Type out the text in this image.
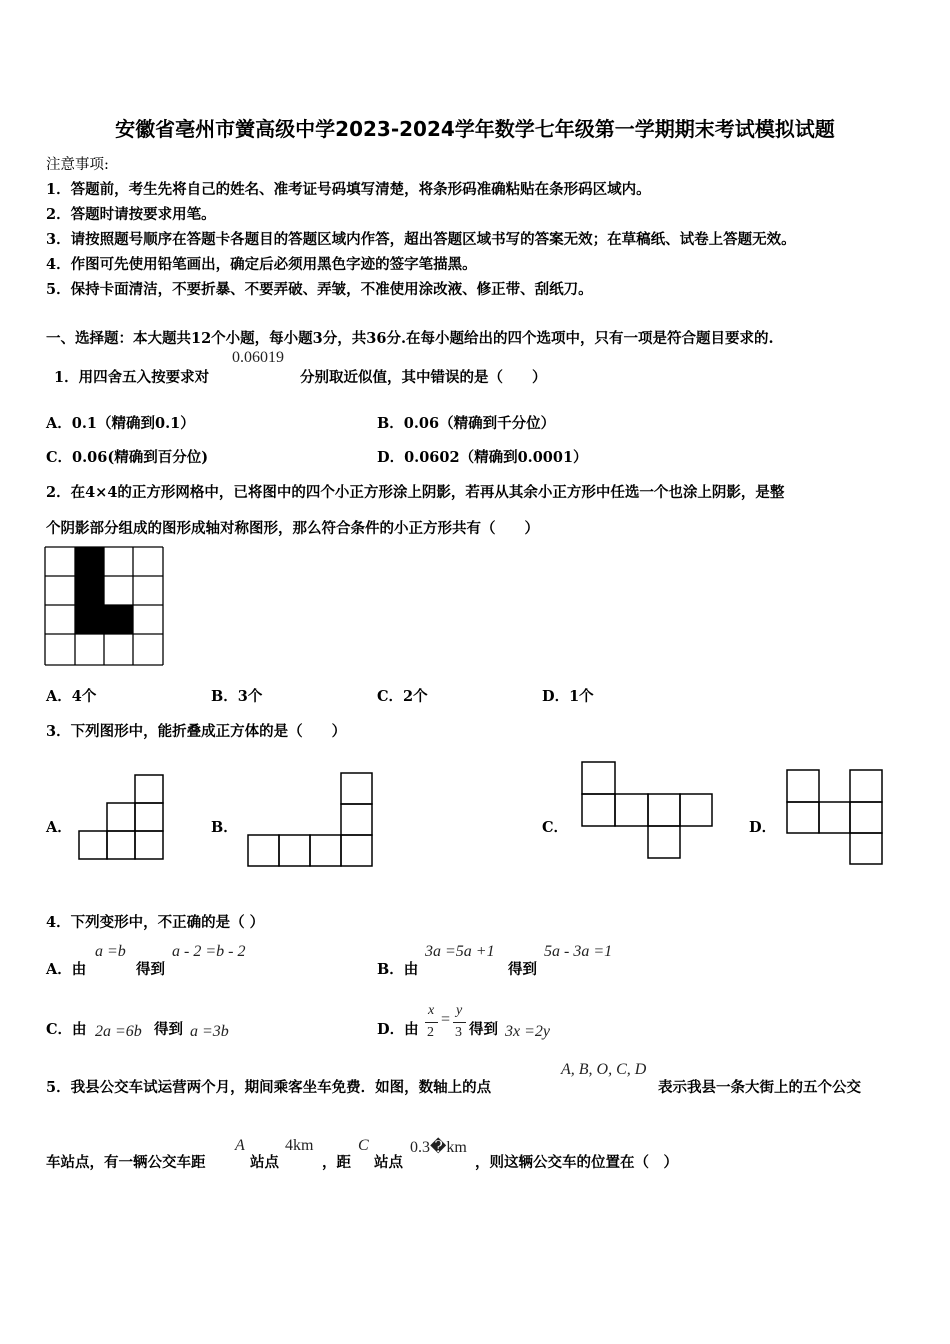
安徽省亳州市黉高级中学2023-2024学年数学七年级第一学期期末考试模拟试题
注意事项:
1．答题前，考生先将自己的姓名、准考证号码填写清楚，将条形码准确粘贴在条形码区域内。
2．答题时请按要求用笔。
3．请按照题号顺序在答题卡各题目的答题区域内作答，超出答题区域书写的答案无效；在草稿纸、试卷上答题无效。
4．作图可先使用铅笔画出，确定后必须用黑色字迹的签字笔描黑。
5．保持卡面清洁，不要折暴、不要弄破、弄皱，不准使用涂改液、修正带、刮纸刀。
一、选择题：本大题共12个小题，每小题3分，共36分.在每小题给出的四个选项中，只有一项是符合题目要求的.
1．用四舍五入按要求对
0.06019
分别取近似值，其中错误的是（　　）
A．0.1（精确到0.1）	B．0.06（精确到千分位）
C．0.06(精确到百分位)	D．0.0602（精确到0.0001）
2．在4×4的正方形网格中，已将图中的四个小正方形涂上阴影，若再从其余小正方形中任选一个也涂上阴影，是整
个阴影部分组成的图形成轴对称图形，那么符合条件的小正方形共有（　　）
A．4个	B．3个	C．2个	D．1个
3．下列图形中，能折叠成正方体的是（　　）
A．	B．	C．	D．
4．下列变形中，不正确的是（ ）
A．由
a =b
得到
a - 2 =b - 2
B．由
3a =5a +1
得到
5a - 3a =1
C．由 2a =6b 得到 a =3b	D．由
x
2
=
y
3 得到 3x =2y
5．我县公交车试运营两个月，期间乘客坐车免费．如图，数轴上的点
A, B, O, C, D
表示我县一条大街上的五个公交
车站点，有一辆公交车距
A
站点
4km
，距
C
站点
0.3�km
，则这辆公交车的位置在（　）
